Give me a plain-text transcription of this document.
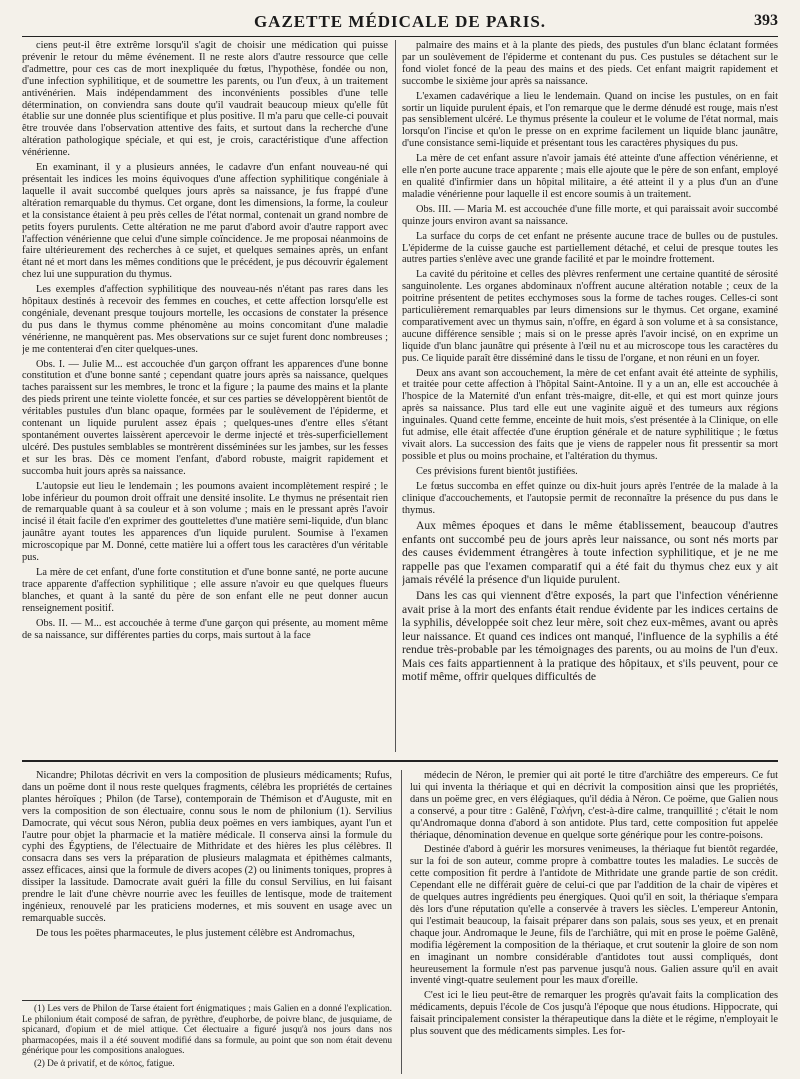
GAZETTE MÉDICALE DE PARIS.	393

ciens peut-il être extrême lorsqu'il s'agit de choisir une médication qui puisse prévenir le retour du même événement. Il ne reste alors d'autre ressource que celle d'admettre, pour ces cas de mort inexpliquée du fœtus, l'hypothèse, fondée ou non, d'une infection syphilitique, et de soumettre les parents, ou l'un d'eux, à un traitement antivénérien. Mais indépendamment des inconvénients possibles d'une telle détermination, on conviendra sans doute qu'il vaudrait beaucoup mieux qu'elle fût établie sur une donnée plus scientifique et plus positive. Il m'a paru que celle-ci pouvait être trouvée dans l'observation attentive des faits, et surtout dans la recherche d'une altération pathologique spéciale, et qui est, je crois, caractéristique d'une affection vénérienne.

En examinant, il y a plusieurs années, le cadavre d'un enfant nouveau-né qui présentait les indices les moins équivoques d'une affection syphilitique congéniale à laquelle il avait succombé quelques jours après sa naissance, je fus frappé d'une altération remarquable du thymus. Cet organe, dont les dimensions, la forme, la couleur et la consistance étaient à peu près celles de l'état normal, contenait un grand nombre de petits foyers purulents. Cette altération ne me parut d'abord avoir d'autre rapport avec l'affection vénérienne que celui d'une simple coïncidence. Je me proposai néanmoins de faire ultérieurement des recherches à ce sujet, et quelques semaines après, un enfant étant né et mort dans les mêmes conditions que le précédent, je pus découvrir également chez lui une suppuration du thymus.

Les exemples d'affection syphilitique des nouveau-nés n'étant pas rares dans les hôpitaux destinés à recevoir des femmes en couches, et cette affection lorsqu'elle est congéniale, devenant presque toujours mortelle, les occasions de constater la présence du pus dans le thymus comme phénomène au moins concomitant d'une maladie vénérienne, ne manquèrent pas. Mes observations sur ce sujet furent donc nombreuses ; je me contenterai d'en citer quelques-unes.

Obs. I. — Julie M... est accouchée d'un garçon offrant les apparences d'une bonne constitution et d'une bonne santé ; cependant quatre jours après sa naissance, quelques taches paraissent sur les membres, le tronc et la figure ; la paume des mains et la plante des pieds prirent une teinte violette foncée, et sur ces parties se développèrent bientôt de véritables pustules d'un blanc opaque, formées par le soulèvement de l'épiderme, et contenant un liquide purulent assez épais ; quelques-unes d'entre elles s'étant spontanément ouvertes laissèrent apercevoir le derme injecté et très-superficiellement ulcéré. Des pustules semblables se montrèrent disséminées sur les jambes, sur les fesses et sur les bras. Dès ce moment l'enfant, d'abord robuste, maigrit rapidement et succomba huit jours après sa naissance.

L'autopsie eut lieu le lendemain ; les poumons avaient incomplètement respiré ; le lobe inférieur du poumon droit offrait une densité insolite. Le thymus ne présentait rien de remarquable quant à sa couleur et à son volume ; mais en le pressant après l'avoir incisé il était facile d'en exprimer des gouttelettes d'une matière semi-liquide, d'un blanc jaunâtre ayant toutes les apparences d'un liquide purulent. Soumise à l'examen microscopique par M. Donné, cette matière lui a offert tous les caractères d'un véritable pus.

La mère de cet enfant, d'une forte constitution et d'une bonne santé, ne porte aucune trace apparente d'affection syphilitique ; elle assure n'avoir eu que quelques flueurs blanches, et quant à la santé du père de son enfant elle ne peut donner aucun renseignement positif.

Obs. II. — M... est accouchée à terme d'une garçon qui présente, au moment même de sa naissance, sur différentes parties du corps, mais surtout à la face

palmaire des mains et à la plante des pieds, des pustules d'un blanc éclatant formées par un soulèvement de l'épiderme et contenant du pus. Ces pustules se détachent sur le fond violet foncé de la peau des mains et des pieds. Cet enfant maigrit rapidement et succombe le sixième jour après sa naissance.

L'examen cadavérique a lieu le lendemain. Quand on incise les pustules, on en fait sortir un liquide purulent épais, et l'on remarque que le derme dénudé est rouge, mais n'est pas sensiblement ulcéré. Le thymus présente la couleur et le volume de l'état normal, mais lorsqu'on l'incise et qu'on le presse on en exprime facilement un liquide blanc jaunâtre, d'une consistance semi-liquide et présentant tous les caractères physiques du pus.

La mère de cet enfant assure n'avoir jamais été atteinte d'une affection vénérienne, et elle n'en porte aucune trace apparente ; mais elle ajoute que le père de son enfant, employé en qualité d'infirmier dans un hôpital militaire, a été atteint il y a plus d'un an d'une maladie vénérienne pour laquelle il est encore soumis à un traitement.

Obs. III. — Maria M. est accouchée d'une fille morte, et qui paraissait avoir succombé quinze jours environ avant sa naissance.

La surface du corps de cet enfant ne présente aucune trace de bulles ou de pustules. L'épiderme de la cuisse gauche est partiellement détaché, et celui de presque toutes les autres parties s'enlève avec une grande facilité et par le moindre frottement.

La cavité du péritoine et celles des plèvres renferment une certaine quantité de sérosité sanguinolente. Les organes abdominaux n'offrent aucune altération notable ; ceux de la poitrine présentent de petites ecchymoses sous la forme de taches rouges. Celles-ci sont particulièrement remarquables par leurs dimensions sur le thymus. Cet organe, examiné comparativement avec un thymus sain, n'offre, en égard à son volume et à sa consistance, aucune différence sensible ; mais si on le presse après l'avoir incisé, on en exprime un liquide d'un blanc jaunâtre qui présente à l'œil nu et au microscope tous les caractères du pus. Ce liquide paraît être disséminé dans le tissu de l'organe, et non réuni en un foyer.

Deux ans avant son accouchement, la mère de cet enfant avait été atteinte de syphilis, et traitée pour cette affection à l'hôpital Saint-Antoine. Il y a un an, elle est accouchée à l'hospice de la Maternité d'un enfant très-maigre, dit-elle, et qui est mort quinze jours après sa naissance. Plus tard elle eut une vaginite aiguë et des tumeurs aux régions inguinales. Quand cette femme, enceinte de huit mois, s'est présentée à la Clinique, on elle fut admise, elle était affectée d'une éruption générale et de nature syphilitique ; le fœtus vivait alors. La succession des faits que je viens de rappeler nous fit pressentir sa mort possible et plus ou moins prochaine, et l'altération du thymus.

Ces prévisions furent bientôt justifiées.

Le fœtus succomba en effet quinze ou dix-huit jours après l'entrée de la malade à la clinique d'accouchements, et l'autopsie permit de reconnaître la présence du pus dans le thymus.

Aux mêmes époques et dans le même établissement, beaucoup d'autres enfants ont succombé peu de jours après leur naissance, ou sont nés morts par des causes évidemment étrangères à toute infection syphilitique, et je ne me rappelle pas que l'examen comparatif qui a été fait du thymus chez eux y ait jamais révélé la présence d'un liquide purulent.

Dans les cas qui viennent d'être exposés, la part que l'infection vénérienne avait prise à la mort des enfants était rendue évidente par les indices certains de la syphilis, développée soit chez leur mère, soit chez eux-mêmes, avant ou après leur naissance. Et quand ces indices ont manqué, l'influence de la syphilis a été rendue très-probable par les témoignages des parents, ou au moins de l'un d'eux. Mais ces faits appartiennent à la pratique des hôpitaux, et s'ils peuvent, pour ce motif même, offrir quelques difficultés de

Nicandre; Philotas décrivit en vers la composition de plusieurs médicaments; Rufus, dans un poëme dont il nous reste quelques fragments, célébra les propriétés de certaines plantes héroïques ; Philon (de Tarse), contemporain de Thémison et d'Auguste, mit en vers la composition de son électuaire, connu sous le nom de philonium (1). Servilius Damocrate, qui vécut sous Néron, publia deux poëmes en vers iambiques, ayant l'un et l'autre pour objet la pharmacie et la matière médicale. Il conserva ainsi la formule du cyphi des Égyptiens, de l'électuaire de Mithridate et des hières les plus célèbres. Il consacra dans ses vers la préparation de plusieurs malagmata et épithèmes calmants, assez efficaces, ainsi que la formule de divers acopes (2) ou liniments toniques, propres à dissiper la lassitude. Damocrate avait guéri la fille du consul Servilius, en lui faisant prendre le lait d'une chèvre nourrie avec les feuilles de lentisque, mode de traitement ingénieux, renouvelé par les praticiens modernes, et mis souvent en usage avec un remarquable succès.

De tous les poëtes pharmaceutes, le plus justement célèbre est Andromachus,

médecin de Néron, le premier qui ait porté le titre d'archiâtre des empereurs. Ce fut lui qui inventa la thériaque et qui en décrivit la composition ainsi que les propriétés, dans un poëme grec, en vers élégiaques, qu'il dédia à Néron. Ce poëme, que Galien nous a conservé, a pour titre : Galênê, Γαλήνη, c'est-à-dire calme, tranquillité ; c'était le nom qu'Andromaque donna d'abord à son antidote. Plus tard, cette composition fut appelée thériaque, dénomination devenue en quelque sorte générique pour les contre-poisons.

Destinée d'abord à guérir les morsures venimeuses, la thériaque fut bientôt regardée, sur la foi de son auteur, comme propre à combattre toutes les maladies. Le succès de cette composition fit perdre à l'antidote de Mithridate une grande partie de son crédit. Cependant elle ne différait guère de celui-ci que par l'addition de la chair de vipères et de quelques autres ingrédients peu énergiques. Quoi qu'il en soit, la thériaque s'empara dès lors d'une réputation qu'elle a conservée à travers les siècles. L'empereur Antonin, qui l'estimait beaucoup, la faisait préparer dans son palais, sous ses yeux, et en prenait chaque jour. Andromaque le Jeune, fils de l'archiâtre, qui mit en prose le poëme Galênê, modifia légèrement la composition de la thériaque, et crut soutenir la gloire de son nom en imaginant un nombre considérable d'antidotes tout aussi compliqués, dont heureusement la formule n'est pas parvenue jusqu'à nous. Galien assure qu'il en avait inventé vingt-quatre seulement pour les maux d'oreille.

C'est ici le lieu peut-être de remarquer les progrès qu'avait faits la complication des médicaments, depuis l'école de Cos jusqu'à l'époque que nous étudions. Hippocrate, qui faisait principalement consister la thérapeutique dans la diète et le régime, n'employait le plus souvent que des médicaments simples. Les for-

(1) Les vers de Philon de Tarse étaient fort énigmatiques ; mais Galien en a donné l'explication. Le philonium était composé de safran, de pyrèthre, d'euphorbe, de poivre blanc, de jusquiame, de spicanard, d'opium et de miel attique. Cet électuaire a figuré jusqu'à nos jours dans nos pharmacopées, mais il a été souvent modifié dans sa formule, au point que son nom était devenu générique pour les compositions analogues.

(2) De ἀ privatif, et de κόπος, fatigue.
